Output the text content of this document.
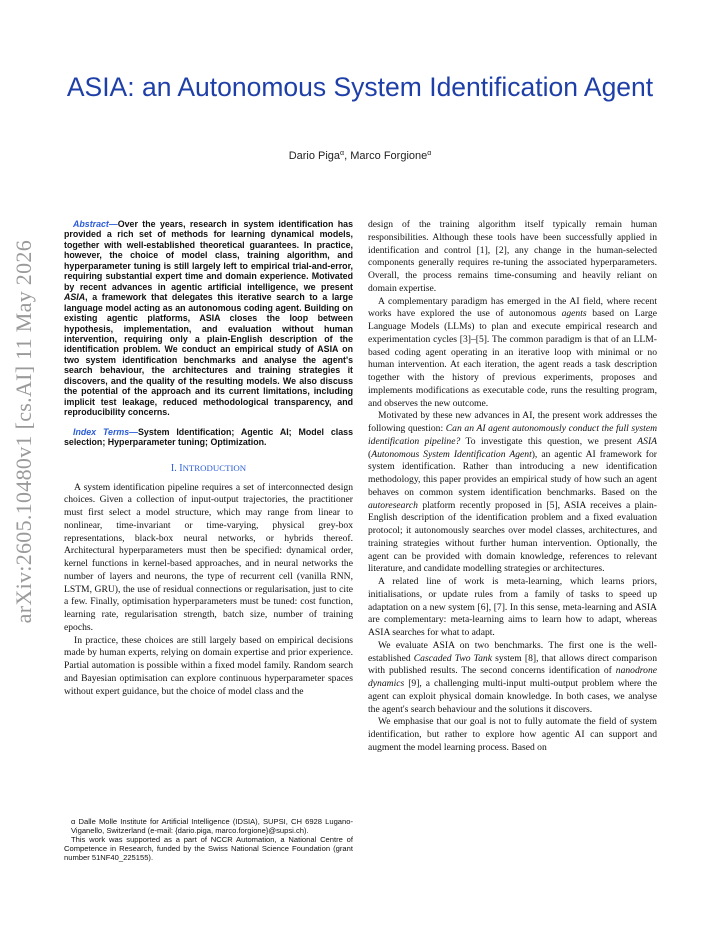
arXiv:2605.10480v1 [cs.AI] 11 May 2026
ASIA: an Autonomous System Identification Agent

Dario Piga$^\alpha$, Marco Forgione$^\alpha$

Abstract—Over the years, research in system identification has provided a rich set of methods for learning dynamical models, together with well-established theoretical guarantees. In practice, however, the choice of model class, training algorithm, and hyperparameter tuning is still largely left to empirical trial-and-error, requiring substantial expert time and domain experience. Motivated by recent advances in agentic artificial intelligence, we present ASIA, a framework that delegates this iterative search to a large language model acting as an autonomous coding agent. Building on existing agentic platforms, ASIA closes the loop between hypothesis, implementation, and evaluation without human intervention, requiring only a plain-English description of the identification problem. We conduct an empirical study of ASIA on two system identification benchmarks and analyse the agent's search behaviour, the architectures and training strategies it discovers, and the quality of the resulting models. We also discuss the potential of the approach and its current limitations, including implicit test leakage, reduced methodological transparency, and reproducibility concerns.

Index Terms—System Identification; Agentic AI; Model class selection; Hyperparameter tuning; Optimization.

I. INTRODUCTION

A system identification pipeline requires a set of interconnected design choices. Given a collection of input-output trajectories, the practitioner must first select a model structure, which may range from linear to nonlinear, time-invariant or time-varying, physical grey-box representations, black-box neural networks, or hybrids thereof. Architectural hyperparameters must then be specified: dynamical order, kernel functions in kernel-based approaches, and in neural networks the number of layers and neurons, the type of recurrent cell (vanilla RNN, LSTM, GRU), the use of residual connections or regularisation, just to cite a few. Finally, optimisation hyperparameters must be tuned: cost function, learning rate, regularisation strength, batch size, number of training epochs.

In practice, these choices are still largely based on empirical decisions made by human experts, relying on domain expertise and prior experience. Partial automation is possible within a fixed model family. Random search and Bayesian optimisation can explore continuous hyperparameter spaces without expert guidance, but the choice of model class and the

α Dalle Molle Institute for Artificial Intelligence (IDSIA), SUPSI, CH 6928 Lugano-Viganello, Switzerland (e-mail: {dario.piga, marco.forgione}@supsi.ch).

This work was supported as a part of NCCR Automation, a National Centre of Competence in Research, funded by the Swiss National Science Foundation (grant number 51NF40_225155).

design of the training algorithm itself typically remain human responsibilities. Although these tools have been successfully applied in identification and control [1], [2], any change in the human-selected components generally requires re-tuning the associated hyperparameters. Overall, the process remains time-consuming and heavily reliant on domain expertise.

A complementary paradigm has emerged in the AI field, where recent works have explored the use of autonomous agents based on Large Language Models (LLMs) to plan and execute empirical research and experimentation cycles [3]–[5]. The common paradigm is that of an LLM-based coding agent operating in an iterative loop with minimal or no human intervention. At each iteration, the agent reads a task description together with the history of previous experiments, proposes and implements modifications as executable code, runs the resulting program, and observes the new outcome.

Motivated by these new advances in AI, the present work addresses the following question: Can an AI agent autonomously conduct the full system identification pipeline? To investigate this question, we present ASIA (Autonomous System Identification Agent), an agentic AI framework for system identification. Rather than introducing a new identification methodology, this paper provides an empirical study of how such an agent behaves on common system identification benchmarks. Based on the autoresearch platform recently proposed in [5], ASIA receives a plain-English description of the identification problem and a fixed evaluation protocol; it autonomously searches over model classes, architectures, and training strategies without further human intervention. Optionally, the agent can be provided with domain knowledge, references to relevant literature, and candidate modelling strategies or architectures.

A related line of work is meta-learning, which learns priors, initialisations, or update rules from a family of tasks to speed up adaptation on a new system [6], [7]. In this sense, meta-learning and ASIA are complementary: meta-learning aims to learn how to adapt, whereas ASIA searches for what to adapt.

We evaluate ASIA on two benchmarks. The first one is the well-established Cascaded Two Tank system [8], that allows direct comparison with published results. The second concerns identification of nanodrone dynamics [9], a challenging multi-input multi-output problem where the agent can exploit physical domain knowledge. In both cases, we analyse the agent's search behaviour and the solutions it discovers.

We emphasise that our goal is not to fully automate the field of system identification, but rather to explore how agentic AI can support and augment the model learning process. Based on
